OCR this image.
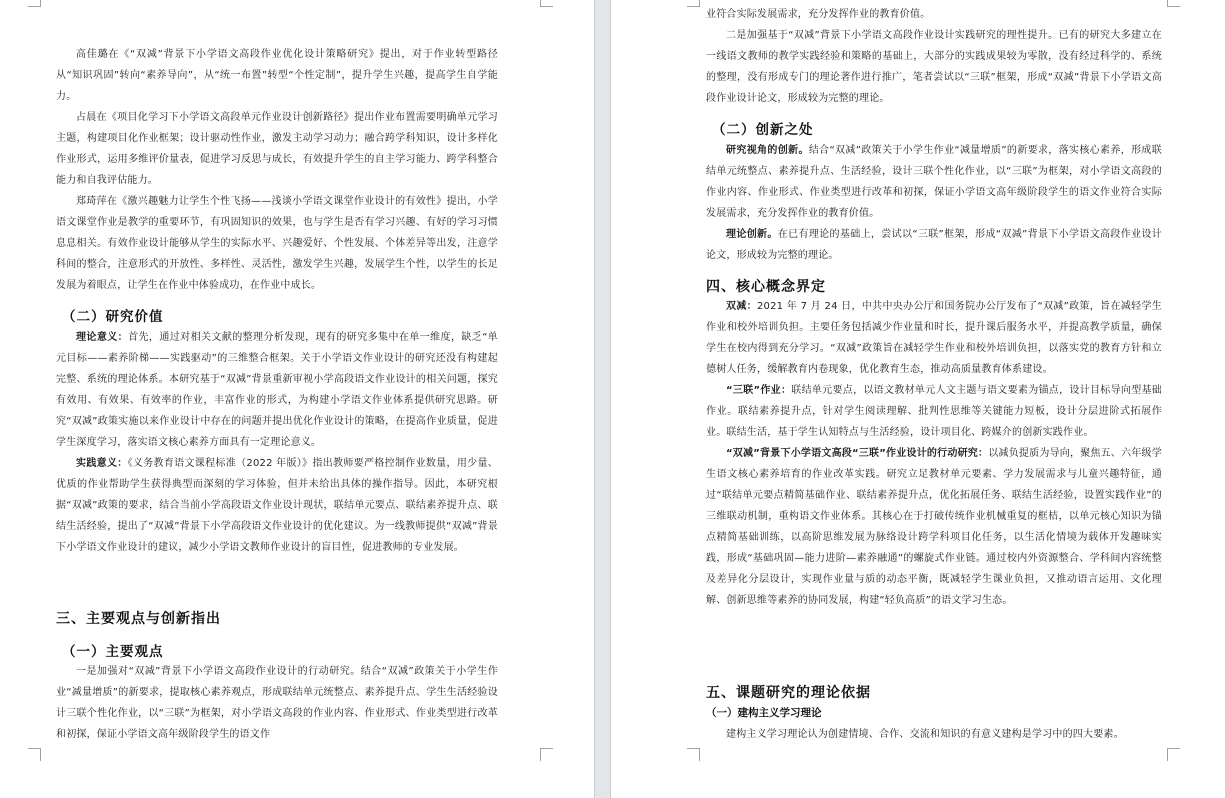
高佳璐在《“双减”背景下小学语文高段作业优化设计策略研究》提出，对于作业转型路径从“知识巩固”转向“素养导向”，从“统一布置”转型“个性定制”，提升学生兴趣，提高学生自学能力。

占晨在《项目化学习下小学语文高段单元作业设计创新路径》提出作业布置需要明确单元学习主题，构建项目化作业框架；设计驱动性作业，激发主动学习动力；融合跨学科知识，设计多样化作业形式，运用多维评价量表，促进学习反思与成长，有效提升学生的自主学习能力、跨学科整合能力和自我评估能力。

郑琦萍在《激兴趣魅力让学生个性飞扬——浅谈小学语文课堂作业设计的有效性》提出，小学语文课堂作业是教学的重要环节，有巩固知识的效果，也与学生是否有学习兴趣、有好的学习习惯息息相关。有效作业设计能够从学生的实际水平、兴趣爱好、个性发展、个体差异等出发，注意学科间的整合，注意形式的开放性、多样性、灵活性，激发学生兴趣，发展学生个性，以学生的长足发展为着眼点，让学生在作业中体验成功，在作业中成长。

（二）研究价值

理论意义：首先，通过对相关文献的整理分析发现，现有的研究多集中在单一维度，缺乏“单元目标——素养阶梯——实践驱动”的三维整合框架。关于小学语文作业设计的研究还没有构建起完整、系统的理论体系。本研究基于“双减”背景重新审视小学高段语文作业设计的相关问题，探究有效用、有效果、有效率的作业，丰富作业的形式，为构建小学语文作业体系提供研究思路。研究“双减”政策实施以来作业设计中存在的问题并提出优化作业设计的策略，在提高作业质量，促进学生深度学习，落实语文核心素养方面具有一定理论意义。

实践意义：《义务教育语文课程标准（2022 年版）》指出教师要严格控制作业数量，用少量、优质的作业帮助学生获得典型而深刻的学习体验，但并未给出具体的操作指导。因此，本研究根据“双减”政策的要求，结合当前小学高段语文作业设计现状，联结单元要点、联结素养提升点、联结生活经验，提出了“双减”背景下小学高段语文作业设计的优化建议。为一线教师提供“双减”背景下小学语文作业设计的建议，减少小学语文教师作业设计的盲目性，促进教师的专业发展。

三、主要观点与创新指出

（一）主要观点

一是加强对“双减”背景下小学语文高段作业设计的行动研究。结合“双减”政策关于小学生作业“减量增质”的新要求，提取核心素养观点，形成联结单元统整点、素养提升点、学生生活经验设计三联个性化作业，以“三联”为框架，对小学语文高段的作业内容、作业形式、作业类型进行改革和初探，保证小学语文高年级阶段学生的语文作

业符合实际发展需求，充分发挥作业的教育价值。

二是加强基于“双减”背景下小学语文高段作业设计实践研究的理性提升。已有的研究大多建立在一线语文教师的教学实践经验和策略的基础上，大部分的实践成果较为零散，没有经过科学的、系统的整理，没有形成专门的理论著作进行推广，笔者尝试以“三联”框架，形成“双减”背景下小学语文高段作业设计论文，形成较为完整的理论。

（二）创新之处

研究视角的创新。结合“双减”政策关于小学生作业“减量增质”的新要求，落实核心素养，形成联结单元统整点、素养提升点、生活经验，设计三联个性化作业，以“三联”为框架，对小学语文高段的作业内容、作业形式、作业类型进行改革和初探，保证小学语文高年级阶段学生的语文作业符合实际发展需求，充分发挥作业的教育价值。

理论创新。在已有理论的基础上，尝试以“三联”框架，形成“双减”背景下小学语文高段作业设计论文，形成较为完整的理论。

四、核心概念界定

双减：2021 年 7 月 24 日，中共中央办公厅和国务院办公厅发布了“双减”政策，旨在减轻学生作业和校外培训负担。主要任务包括减少作业量和时长，提升课后服务水平，并提高教学质量，确保学生在校内得到充分学习。“双减”政策旨在减轻学生作业和校外培训负担，以落实党的教育方针和立德树人任务，缓解教育内卷现象，优化教育生态，推动高质量教育体系建设。

“三联”作业：联结单元要点，以语文教材单元人文主题与语文要素为锚点，设计目标导向型基础作业。联结素养提升点，针对学生阅读理解、批判性思维等关键能力短板，设计分层进阶式拓展作业。联结生活，基于学生认知特点与生活经验，设计项目化、跨媒介的创新实践作业。

“双减”背景下小学语文高段“三联”作业设计的行动研究：以减负提质为导向，聚焦五、六年级学生语文核心素养培育的作业改革实践。研究立足教材单元要素、学力发展需求与儿童兴趣特征，通过“联结单元要点精简基础作业、联结素养提升点，优化拓展任务、联结生活经验，设置实践作业”的三维联动机制，重构语文作业体系。其核心在于打破传统作业机械重复的框桔，以单元核心知识为锚点精简基础训练，以高阶思维发展为脉络设计跨学科项目化任务，以生活化情境为载体开发趣味实践，形成“基础巩固—能力进阶—素养融通”的螺旋式作业链。通过校内外资源整合、学科间内容统整及差异化分层设计，实现作业量与质的动态平衡，既减轻学生课业负担，又推动语言运用、文化理解、创新思维等素养的协同发展，构建“轻负高质”的语文学习生态。

五、课题研究的理论依据

（一）建构主义学习理论

建构主义学习理论认为创建情境、合作、交流和知识的有意义建构是学习中的四大要素。
